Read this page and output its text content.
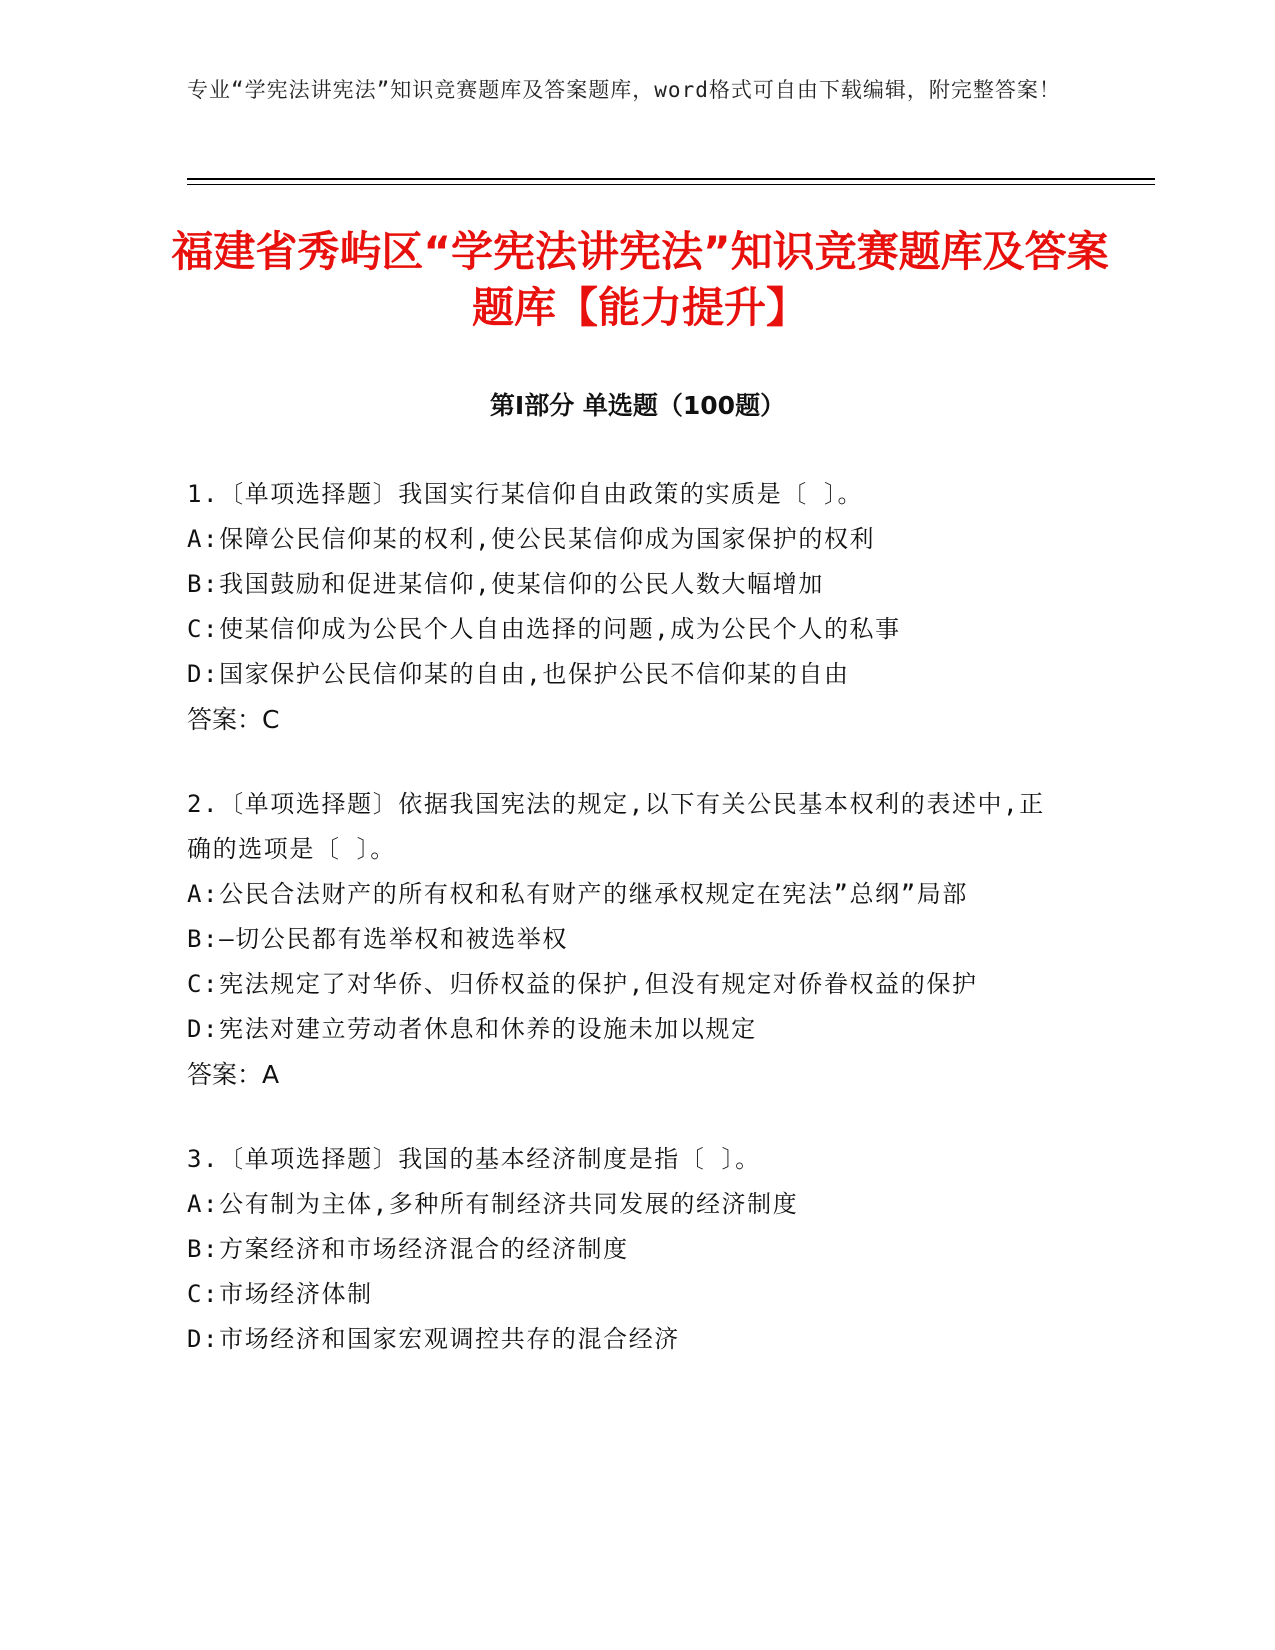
专业“学宪法讲宪法”知识竞赛题库及答案题库，word格式可自由下载编辑，附完整答案！
福建省秀屿区“学宪法讲宪法”知识竞赛题库及答案题库【能力提升】
第Ⅰ部分 单选题（100题）

1.〔单项选择题〕我国实行某信仰自由政策的实质是〔 〕。

A:保障公民信仰某的权利,使公民某信仰成为国家保护的权利

B:我国鼓励和促进某信仰,使某信仰的公民人数大幅增加

C:使某信仰成为公民个人自由选择的问题,成为公民个人的私事

D:国家保护公民信仰某的自由,也保护公民不信仰某的自由

答案：C

2.〔单项选择题〕依据我国宪法的规定,以下有关公民基本权利的表述中,正确的选项是〔 〕。

A:公民合法财产的所有权和私有财产的继承权规定在宪法”总纲”局部

B:—切公民都有选举权和被选举权

C:宪法规定了对华侨、归侨权益的保护,但没有规定对侨眷权益的保护

D:宪法对建立劳动者休息和休养的设施未加以规定

答案：A

3.〔单项选择题〕我国的基本经济制度是指〔 〕。

A:公有制为主体,多种所有制经济共同发展的经济制度

B:方案经济和市场经济混合的经济制度

C:市场经济体制

D:市场经济和国家宏观调控共存的混合经济
